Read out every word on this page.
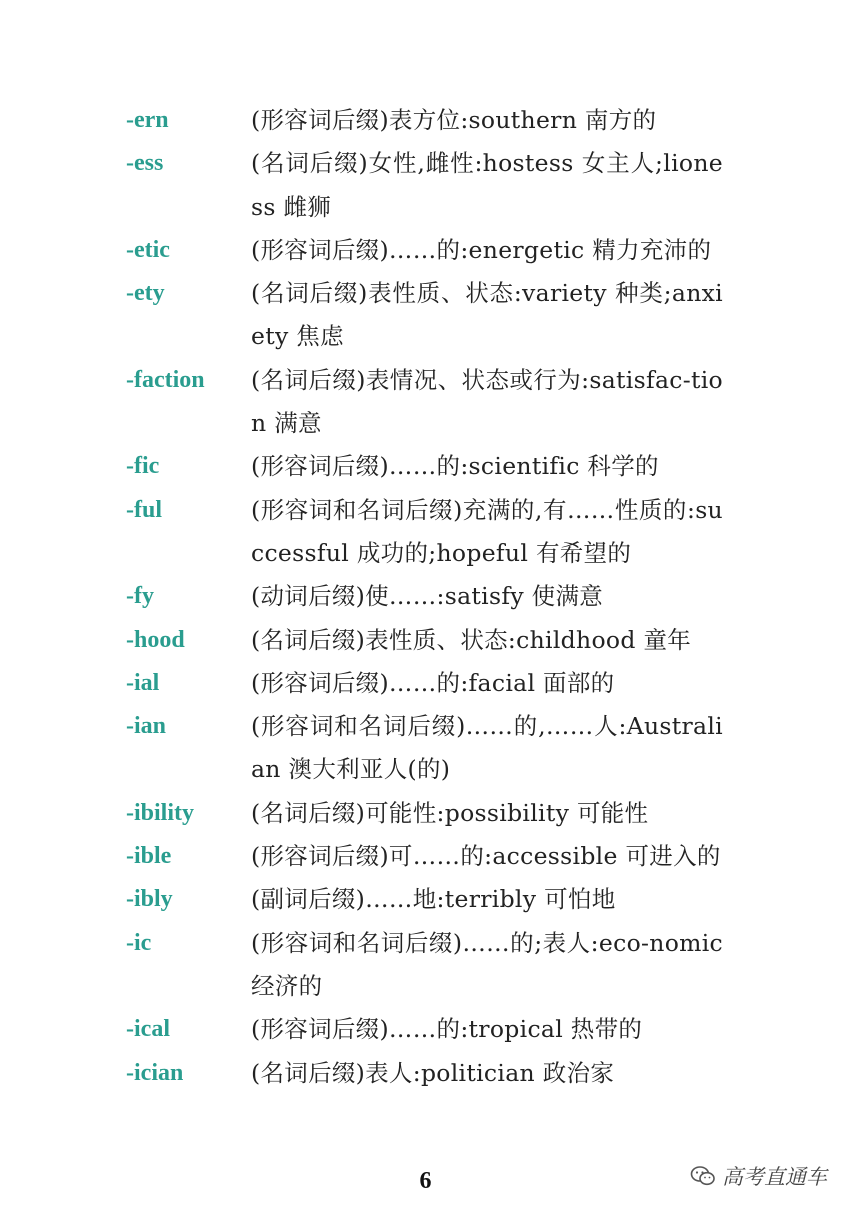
-ern	(形容词后缀)表方位:southern 南方的
-ess	(名词后缀)女性,雌性:hostess 女主人;lioness 雌狮
-etic	(形容词后缀)……的:energetic 精力充沛的
-ety	(名词后缀)表性质、状态:variety 种类;anxiety 焦虑
-faction (名词后缀)表情况、状态或行为:satisfac-tion 满意
-fic	(形容词后缀)……的:scientific 科学的
-ful	(形容词和名词后缀)充满的,有……性质的:successful 成功的;hopeful 有希望的
-fy	(动词后缀)使……:satisfy 使满意
-hood	(名词后缀)表性质、状态:childhood 童年
-ial	(形容词后缀)……的:facial 面部的
-ian	(形容词和名词后缀)……的,……人:Australian 澳大利亚人(的)
-ibility (名词后缀)可能性:possibility 可能性
-ible	(形容词后缀)可……的:accessible 可进入的
-ibly	(副词后缀)……地:terribly 可怕地
-ic	(形容词和名词后缀)……的;表人:eco-nomic 经济的
-ical	(形容词后缀)……的:tropical 热带的
-ician	(名词后缀)表人:politician 政治家
6	高考直通车
